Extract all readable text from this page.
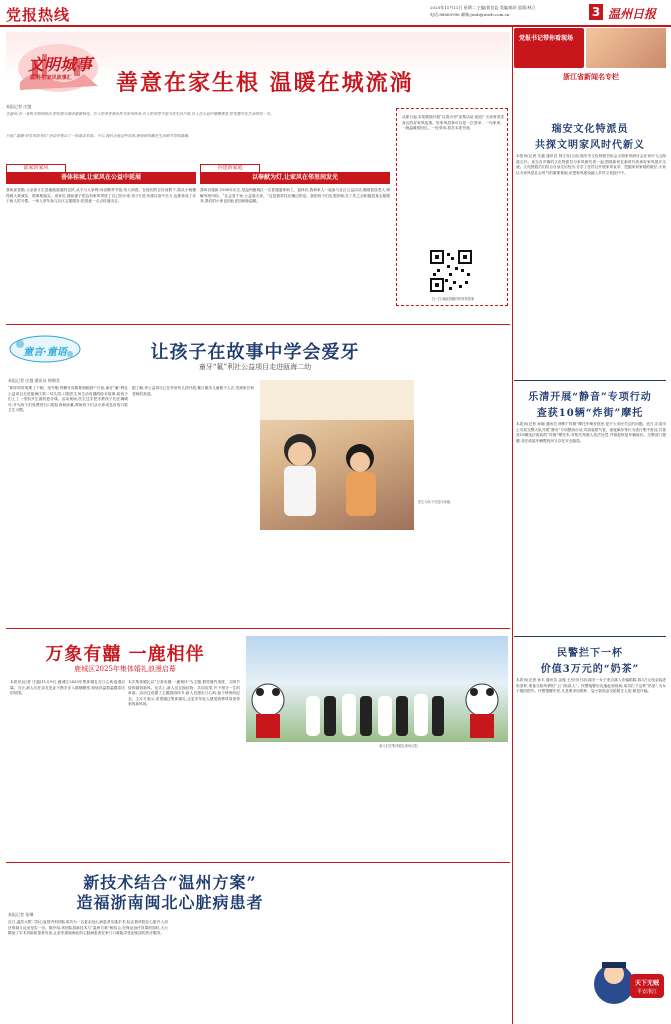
党报热线	2025年11月11日 星期二 主编/贾良益 美编/陈轩 监版/林立
电话:88869996 邮箱:jwzb@wzrb.com.cn	3 温州日报
文明城事
温州·好家风故事汇 善意在家生根 温暖在城流淌
本报记者 庄越
在温州,有一条叫文明的纽带,把家庭与城市紧紧相连。有人把孝老爱亲作为家风传承,有人把邻里守望当作生活日常,有人在公益中播撒善意,把笔墨写在生活的每一页。
日前,“温暖·好家风故事汇”活动评选出了一批最美家庭。今天,我们走进这些家庭,感受那份藏在生活细节里的温暖。
从即日起,本报继续开展“以善为邻”征集活动,欢迎广大读者讲述身边的好家风故事。好家风故事可以是一次善举、一句家训、一段温暖的回忆。一经采用,将在本报刊登。
扫一扫,就能投稿你的家风故事
邱家的家风
善体桂城,让家风在公益中延展
我叫邱显勤,父亲邱永生是地地道道的农民,从不与人争利;母亲勤劳节俭,待人和善。在他们的言传身教下,我从小就懂得做人要诚实、做事要踏实。成家后,我和妻子把这份家风带进了自己的小家,孩子们在耳濡目染中长大,也都养成了乐于助人的习惯。一家人常年参与社区志愿服务,把善意一点点传递出去。
谷建新家庭
以奉献为灯,让家风在邻里间发光
我叫谷建新,1958年出生,是温州鹿城区一名普通退休职工。退休后,我和家人一起参与社区公益活动,照顾独居老人,调解邻里纠纷。“社会是个家,公益靠大家。”这是我常挂在嘴边的话。我的孩子们也受影响,在工作之余积极投身志愿服务,我们的小家也因此更加和睦温暖。
党报书记带你看现场
浙江省新闻名专栏
瑞安文化特派员
共探文明家风时代新义
本报讯(记者 庄越 通讯员 林文发)日前,瑞安市文化特派员协会文明家风研讨会在该市飞云街道召开。来自各乡镇的文化特派员与家风研究者一起,围绕如何在新时代传承好家风展开交流。文化特派员们结合自身走访经历,分享了在村社开展家风宣讲、挖掘家训家规的做法,大家认为家风是社会风气的重要基础,应把家风建设融入乡村文化振兴中。
乐清开展“静音”专项行动
查获10辆“炸街”摩托
本报讯(记者 孙娴 通讯员 徐彬)“炸街”摩托车噪音扰民,是不少市民关注的问题。近日,乐清市公安局交警大队开展“静音”专项整治行动,对改装排气管、深夜飙车等行为进行集中查处,共查获10辆违法改装的“炸街”摩托车,对相关驾驶人依法处罚,并督促恢复车辆原状。交警部门提醒,非法改装车辆既扰民又存在安全隐患。
民警拦下一杯
价值3万元的“奶茶”
本报讯(记者 孙木 通讯员 金瑞 王东田)日前,瑞安一女子差点落入诈骗陷阱,将3万元现金装进奶茶杯,准备交给所谓的“上门取款人”。民警接警后迅速赶到现场,成功拦下这杯“奶茶”,为女子挽回损失。民警提醒市民,凡是要求用纸杯、袋子装现金交给陌生人的,都是诈骗。
天下无贼
平安浙江
童言·童语	让孩子在故事中学会爱牙
童牙“氟”利社公益项目走进瓯海二幼
本报记者 庄越 通讯员 钟朝君
“刷牙的时候要上下刷、里外刷,每颗牙齿都要照顾到!”日前,童牙“氟”利社公益项目走进瓯海区第二幼儿园,口腔医生用生动有趣的绘本故事,给孩子们上了一堂别开生面的爱牙课。活动现场,医生还手把手教孩子们正确刷牙,并为孩子们免费进行口腔检查和涂氟,帮助孩子们从小养成良好的口腔卫生习惯。
据了解,该公益项目已在多所幼儿园开展,累计服务儿童数千人次,受到家长和老师的欢迎。
医生为孩子们进行涂氟。
万象有囍 一鹿相伴
鹿城区2025年集体婚礼浪漫启幕
本报讯(记者 庄越)11月9日,鹿城区2025年集体婚礼在江心屿浪漫启幕。当天,新人们在亲友见证下携手步入婚姻殿堂,现场洋溢着温馨喜庆的氛围。
本次集体婚礼以“万象有囍 一鹿相伴”为主题,倡导简约适度、文明节俭的婚俗新风。仪式上,新人们互换信物、共同宣誓,许下相守一生的承诺。活动还设置了主题游园环节,新人们漫步江心屿,留下珍贵的纪念。主办方表示,希望通过集体婚礼,让更多年轻人感受到移风易俗带来的新风尚。
新人们在集体婚礼现场合影。
新技术结合“温州方案”
造福浙南闽北心脏病患者
本报记者 张琳
近日,温医大附二院心血管内科团队成功为一名复杂冠心病患者实施手术,标志着该院在心脏介入治疗领域又迈出坚实一步。据介绍,该团队将新技术与“温州方案”相结合,在保证治疗效果的同时,大大降低了手术风险和患者负担,让更多浙南闽北的心脏病患者在家门口就能享受到优质的医疗服务。
